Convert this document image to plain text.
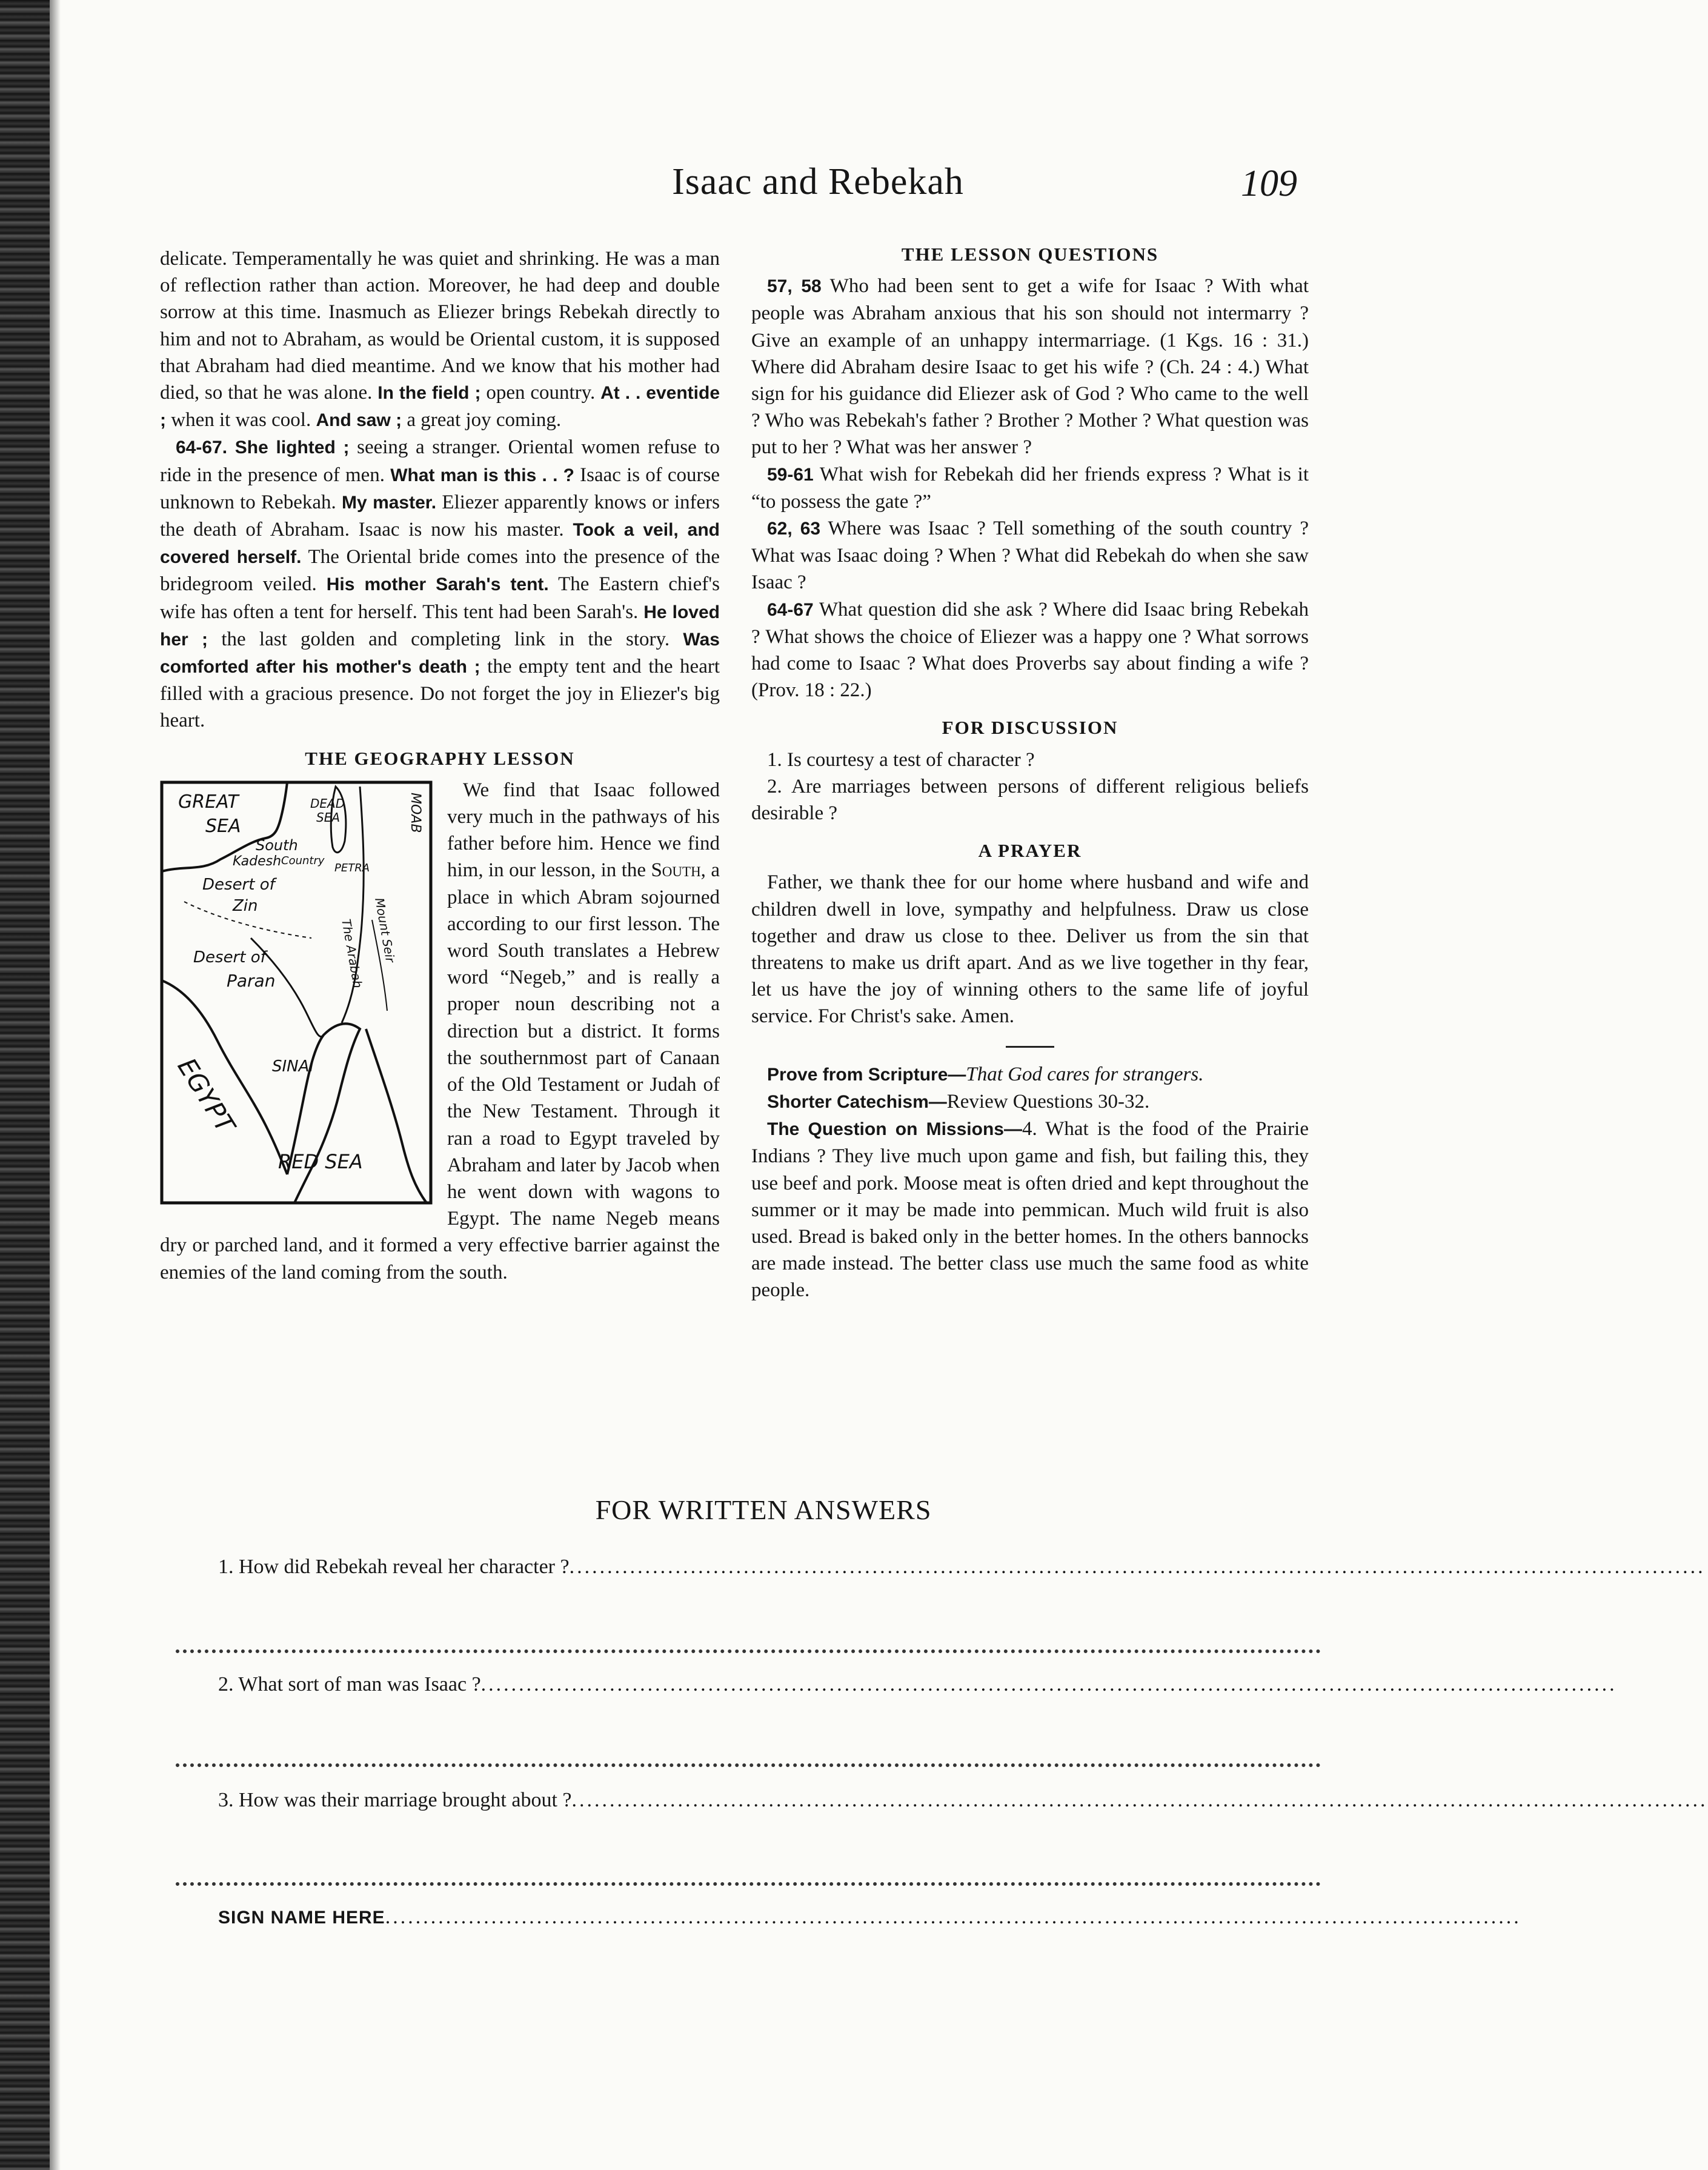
Isaac and Rebekah	109

delicate. Temperamentally he was quiet and shrinking. He was a man of reflection rather than action. Moreover, he had deep and double sorrow at this time. Inasmuch as Eliezer brings Rebekah directly to him and not to Abraham, as would be Oriental custom, it is supposed that Abraham had died meantime. And we know that his mother had died, so that he was alone. In the field ; open country. At . . eventide ; when it was cool. And saw ; a great joy coming.

64-67. She lighted ; seeing a stranger. Oriental women refuse to ride in the presence of men. What man is this . . ? Isaac is of course unknown to Rebekah. My master. Eliezer apparently knows or infers the death of Abraham. Isaac is now his master. Took a veil, and covered herself. The Oriental bride comes into the presence of the bridegroom veiled. His mother Sarah's tent. The Eastern chief's wife has often a tent for herself. This tent had been Sarah's. He loved her ; the last golden and completing link in the story. Was comforted after his mother's death ; the empty tent and the heart filled with a gracious presence. Do not forget the joy in Eliezer's big heart.

THE GEOGRAPHY LESSON
GREAT
SEA
DEAD
SEA	MOAB
South
Country
Kadesh	PETRA
Desert of
Zin
Desert of
Paran	The Arabah Mount Seir
EGYPT SINAI
RED SEA

We find that Isaac followed very much in the pathways of his father before him. Hence we find him, in our lesson, in the South, a place in which Abram sojourned according to our first lesson. The word South translates a Hebrew word “Negeb,” and is really a proper noun describing not a direction but a district. It forms the southernmost part of Canaan of the Old Testament or Judah of the New Testament. Through it ran a road to Egypt traveled by Abraham and later by Jacob when he went down with wagons to Egypt. The name Negeb means dry or parched land, and it formed a very effective barrier against the enemies of the land coming from the south.

THE LESSON QUESTIONS

57, 58 Who had been sent to get a wife for Isaac ? With what people was Abraham anxious that his son should not intermarry ? Give an example of an unhappy intermarriage. (1 Kgs. 16 : 31.) Where did Abraham desire Isaac to get his wife ? (Ch. 24 : 4.) What sign for his guidance did Eliezer ask of God ? Who came to the well ? Who was Rebekah's father ? Brother ? Mother ? What question was put to her ? What was her answer ?

59-61 What wish for Rebekah did her friends express ? What is it “to possess the gate ?”

62, 63 Where was Isaac ? Tell something of the south country ? What was Isaac doing ? When ? What did Rebekah do when she saw Isaac ?

64-67 What question did she ask ? Where did Isaac bring Rebekah ? What shows the choice of Eliezer was a happy one ? What sorrows had come to Isaac ? What does Proverbs say about finding a wife ? (Prov. 18 : 22.)

FOR DISCUSSION

1. Is courtesy a test of character ?

2. Are marriages between persons of different religious beliefs desirable ?

A PRAYER

Father, we thank thee for our home where husband and wife and children dwell in love, sympathy and helpfulness. Draw us close together and draw us close to thee. Deliver us from the sin that threatens to make us drift apart. And as we live together in thy fear, let us have the joy of winning others to the same life of joyful service. For Christ's sake. Amen.

Prove from Scripture—That God cares for strangers.

Shorter Catechism—Review Questions 30-32.

The Question on Missions—4. What is the food of the Prairie Indians ? They live much upon game and fish, but failing this, they use beef and pork. Moose meat is often dried and kept throughout the summer or it may be made into pemmican. Much wild fruit is also used. Bread is baked only in the better homes. In the others bannocks are made instead. The better class use much the same food as white people.

FOR WRITTEN ANSWERS
1. How did Rebekah reveal her character ?......................................................................................................................................................
2. What sort of man was Isaac ?......................................................................................................................................................
3. How was their marriage brought about ?......................................................................................................................................................
SIGN NAME HERE......................................................................................................................................................
